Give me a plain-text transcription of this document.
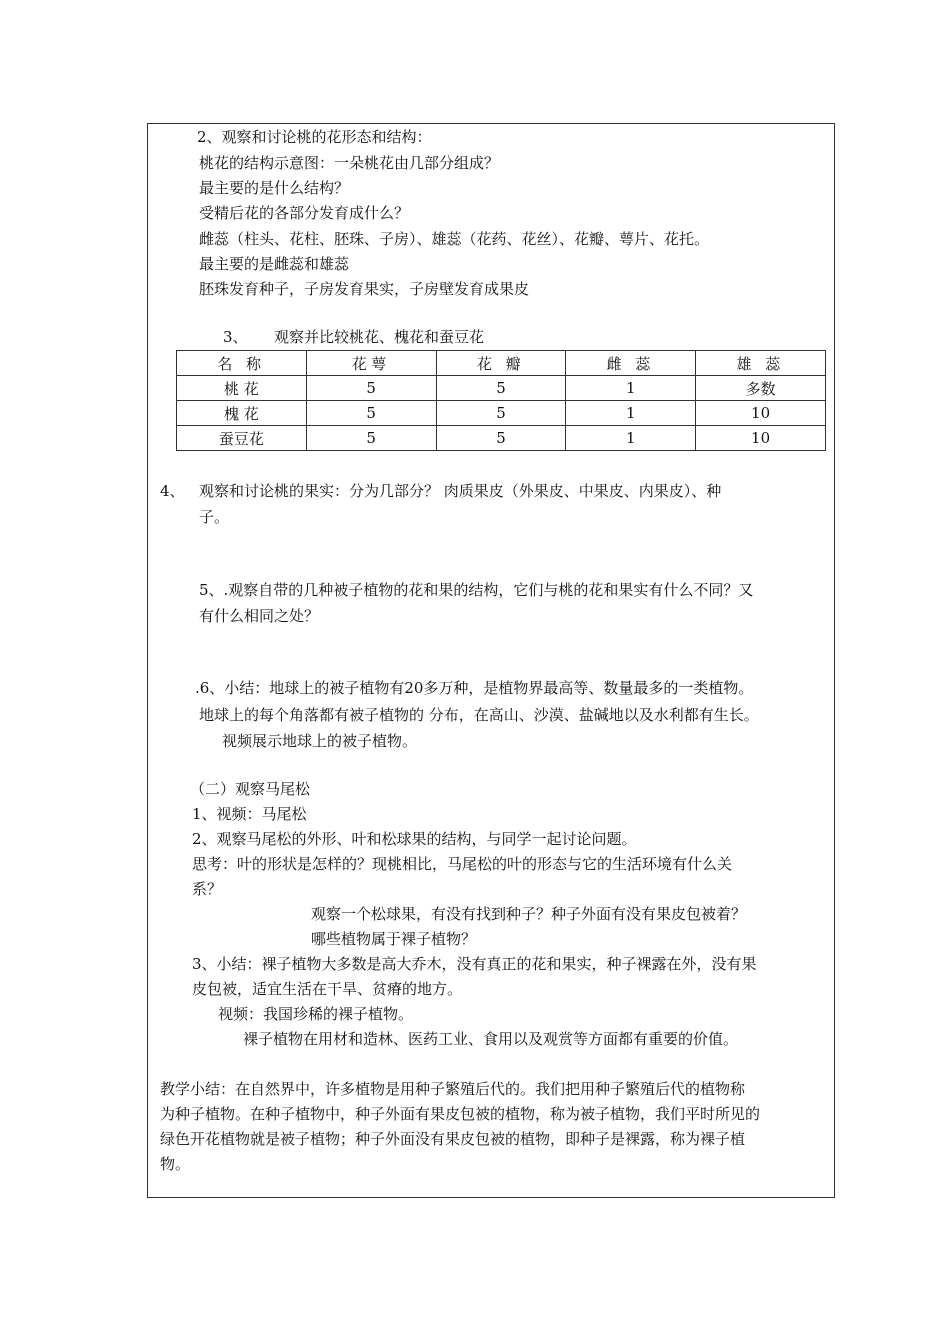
2、观察和讨论桃的花形态和结构：
桃花的结构示意图：一朵桃花由几部分组成？
最主要的是什么结构？
受精后花的各部分发育成什么？
雌蕊（柱头、花柱、胚珠、子房）、雄蕊（花药、花丝）、花瓣、萼片、花托。
最主要的是雌蕊和雄蕊
胚珠发育种子，子房发育果实，子房壁发育成果皮
3、 观察并比较桃花、槐花和蚕豆花
名 称	花萼	花 瓣	雌 蕊	雄 蕊
桃 花	5	5	1	多数
槐 花	5	5	1	10
蚕豆花	5	5	1	10
4、 观察和讨论桃的果实：分为几部分？ 肉质果皮（外果皮、中果皮、内果皮）、种
子。
5、.观察自带的几种被子植物的花和果的结构，它们与桃的花和果实有什么不同？又
有什么相同之处？
.6、小结：地球上的被子植物有20多万种，是植物界最高等、数量最多的一类植物。
地球上的每个角落都有被子植物的 分布，在高山、沙漠、盐碱地以及水利都有生长。
视频展示地球上的被子植物。
（二）观察马尾松
1、视频：马尾松
2、观察马尾松的外形、叶和松球果的结构，与同学一起讨论问题。
思考：叶的形状是怎样的？现桃相比，马尾松的叶的形态与它的生活环境有什么关
系？
观察一个松球果，有没有找到种子？种子外面有没有果皮包被着？
哪些植物属于裸子植物？
3、小结：裸子植物大多数是高大乔木，没有真正的花和果实，种子裸露在外，没有果
皮包被，适宜生活在干旱、贫瘠的地方。
视频：我国珍稀的裸子植物。
裸子植物在用材和造林、医药工业、食用以及观赏等方面都有重要的价值。
教学小结：在自然界中，许多植物是用种子繁殖后代的。我们把用种子繁殖后代的植物称
为种子植物。在种子植物中，种子外面有果皮包被的植物，称为被子植物，我们平时所见的
绿色开花植物就是被子植物；种子外面没有果皮包被的植物，即种子是裸露，称为裸子植
物。
